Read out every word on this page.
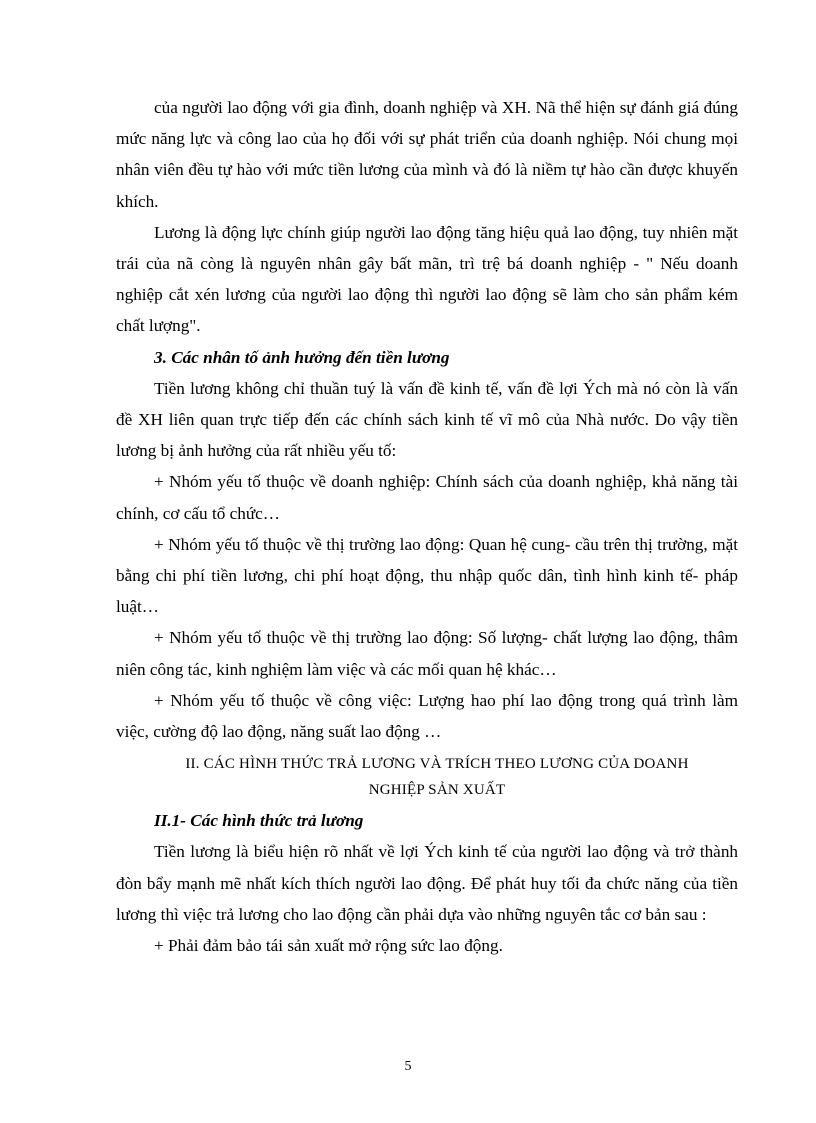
của người lao động với gia đình, doanh nghiệp và XH. Nã thể hiện sự đánh giá đúng mức năng lực và công lao của họ đối với sự phát triển của doanh nghiệp. Nói chung mọi nhân viên đều tự hào với mức tiền lương của mình và đó là niềm tự hào cần được khuyến khích.

Lương là động lực chính giúp người lao động tăng hiệu quả lao động, tuy nhiên mặt trái của nã còng là nguyên nhân gây bất mãn, trì trệ bá doanh nghiệp - " Nếu doanh nghiệp cắt xén lương của người lao động thì người lao động sẽ làm cho sản phẩm kém chất lượng".

3. Các nhân tố ảnh hưởng đến tiền lương

Tiền lương không chỉ thuần tuý là vấn đề kinh tế, vấn đề lợi Ých mà nó còn là vấn đề XH liên quan trực tiếp đến các chính sách kinh tế vĩ mô của Nhà nước. Do vậy tiền lương bị ảnh hưởng của rất nhiều yếu tố:

+ Nhóm yếu tố thuộc về doanh nghiệp: Chính sách của doanh nghiệp, khả năng tài chính, cơ cấu tổ chức…

+ Nhóm yếu tố thuộc về thị trường lao động: Quan hệ cung- cầu trên thị trường, mặt bằng chi phí tiền lương, chi phí hoạt động, thu nhập quốc dân, tình hình kinh tế- pháp luật…

+ Nhóm yếu tố thuộc về thị trường lao động: Số lượng- chất lượng lao động, thâm niên công tác, kinh nghiệm làm việc và các mối quan hệ khác…

+ Nhóm yếu tố thuộc về công việc: Lượng hao phí lao động trong quá trình làm việc, cường độ lao động, năng suất lao động …

II. CÁC HÌNH THỨC TRẢ LƯƠNG VÀ TRÍCH THEO LƯƠNG CỦA DOANH
NGHIỆP SẢN XUẤT

II.1- Các hình thức trả lương

Tiền lương là biểu hiện rõ nhất về lợi Ých kinh tế của người lao động và trở thành đòn bẩy mạnh mẽ nhất kích thích người lao động. Để phát huy tối đa chức năng của tiền lương thì việc trả lương cho lao động cần phải dựa vào những nguyên tắc cơ bản sau :

+ Phải đảm bảo tái sản xuất mở rộng sức lao động.

5
